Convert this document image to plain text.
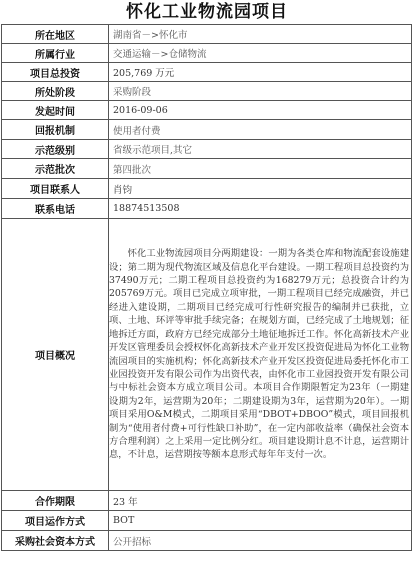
怀化工业物流园项目
所在地区	湖南省－>怀化市
所属行业	交通运输－>仓储物流
项目总投资	205,769 万元
所处阶段	采购阶段
发起时间	2016-09-06
回报机制	使用者付费
示范级别	省级示范项目,其它
示范批次	第四批次
项目联系人	肖钧
联系电话	18874513508
项目概况	怀化工业物流园项目分两期建设：一期为各类仓库和物流配套设施建设；第二期为现代物流区域及信息化平台建设。一期工程项目总投资约为37490万元；二期工程项目总投资约为168279万元；总投资合计约为205769万元。项目已完成立项审批，一期工程项目已经完成融资，并已经进入建设期，二期项目已经完成可行性研究报告的编制并已获批，立项、土地、环评等审批手续完备；在规划方面，已经完成了土地规划；征地拆迁方面，政府方已经完成部分土地征地拆迁工作。怀化高新技术产业开发区管理委员会授权怀化高新技术产业开发区投资促进局为怀化工业物流园项目的实施机构；怀化高新技术产业开发区投资促进局委托怀化市工业园投资开发有限公司作为出资代表，由怀化市工业园投资开发有限公司与中标社会资本方成立项目公司。本项目合作期限暂定为23年（一期建设期为2年，运营期为20年；二期建设期为3年，运营期为20年）。一期项目采用O&M模式，二期项目采用“DBOT+DBOO”模式，项目回报机制为“使用者付费+可行性缺口补助”，在一定内部收益率（确保社会资本方合理利润）之上采用一定比例分红。项目建设期计息不计息，运营期计息，不计息，运营期按等额本息形式每年年支付一次。
合作期限	23 年
项目运作方式	BOT
采购社会资本方式	公开招标
